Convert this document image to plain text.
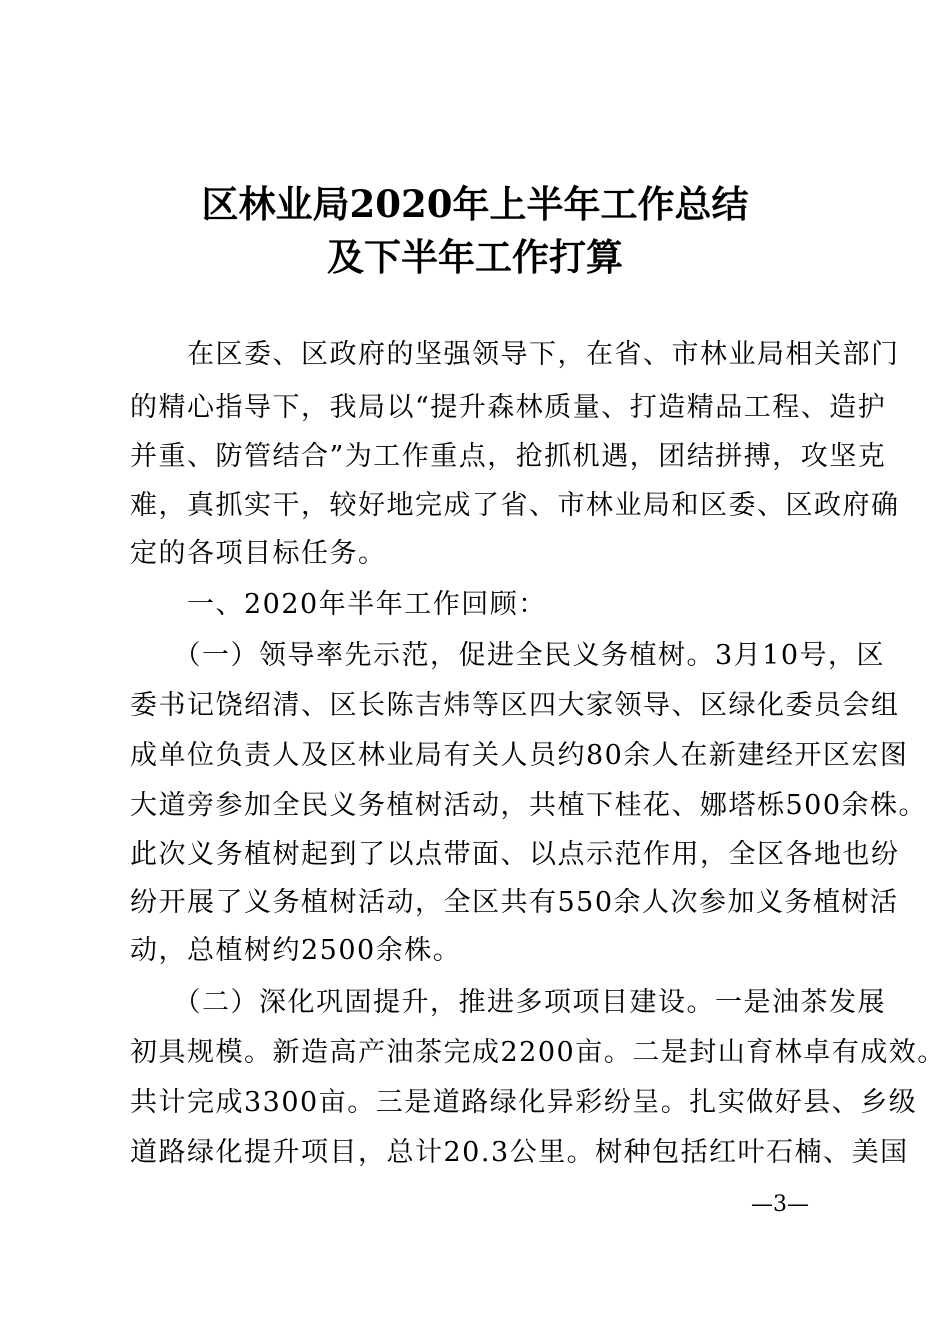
区林业局2020年上半年工作总结
及下半年工作打算
　　在区委、区政府的坚强领导下，在省、市林业局相关部门
的精心指导下，我局以“提升森林质量、打造精品工程、造护
并重、防管结合”为工作重点，抢抓机遇，团结拼搏，攻坚克
难，真抓实干，较好地完成了省、市林业局和区委、区政府确
定的各项目标任务。
　　一、2020年半年工作回顾：
　　（一）领导率先示范，促进全民义务植树。3月10号，区
委书记饶绍清、区长陈吉炜等区四大家领导、区绿化委员会组
成单位负责人及区林业局有关人员约80余人在新建经开区宏图
大道旁参加全民义务植树活动，共植下桂花、娜塔栎500余株。
此次义务植树起到了以点带面、以点示范作用，全区各地也纷
纷开展了义务植树活动，全区共有550余人次参加义务植树活
动，总植树约2500余株。
　　（二）深化巩固提升，推进多项项目建设。一是油茶发展
初具规模。新造高产油茶完成2200亩。二是封山育林卓有成效。
共计完成3300亩。三是道路绿化异彩纷呈。扎实做好县、乡级
道路绿化提升项目，总计20.3公里。树种包括红叶石楠、美国
—3—
